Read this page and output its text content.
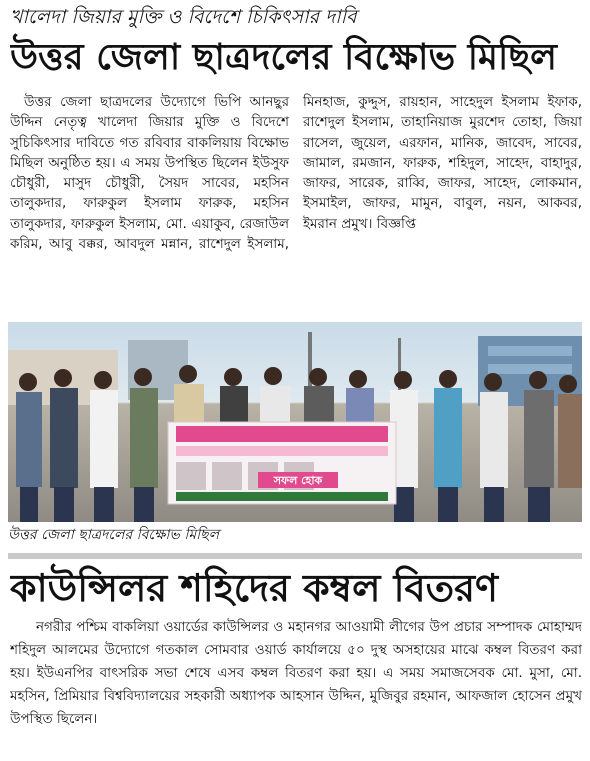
খালেদা জিয়ার মুক্তি ও বিদেশে চিকিৎসার দাবি
উত্তর জেলা ছাত্রদলের বিক্ষোভ মিছিল
উত্তর জেলা ছাত্রদলের উদ্যোগে ভিপি আনছুর উদ্দিন নেতৃত্ব খালেদা জিয়ার মুক্তি ও বিদেশে সুচিকিৎসার দাবিতে গত রবিবার বাকলিয়ায় বিক্ষোভ মিছিল অনুষ্ঠিত হয়। এ সময় উপস্থিত ছিলেন ইউসুফ চৌধুরী, মাসুদ চৌধুরী, সৈয়দ সাবের, মহসিন তালুকদার, ফারুকুল ইসলাম ফারুক, মহসিন তালুকদার, ফারুকুল ইসলাম, মো. এয়াকুব, রেজাউল করিম, আবু বক্কর, আবদুল মন্নান, রাশেদুল ইসলাম, মিনহাজ, কুদ্দুস, রায়হান, সাহেদুল ইসলাম ইফাক, রাশেদুল ইসলাম, তাহানিয়াজ মুরশেদ তোহা, জিয়া রাসেল, জুয়েল, এরফান, মানিক, জাবেদ, সাবের, জামাল, রমজান, ফারুক, শহিদুল, সাহেদ, বাহাদুর, জাফর, সারেক, রাব্বি, জাফর, সাহেদ, লোকমান, ইসমাইল, জাফর, মামুন, বাবুল, নয়ন, আকবর, ইমরান প্রমুখ। বিজ্ঞপ্তি
সফল হোক
উত্তর জেলা ছাত্রদলের বিক্ষোভ মিছিল
কাউন্সিলর শহিদের কম্বল বিতরণ
নগরীর পশ্চিম বাকলিয়া ওয়ার্ডের কাউন্সিলর ও মহানগর আওয়ামী লীগের উপ প্রচার সম্পাদক মোহাম্মদ শহিদুল আলমের উদ্যোগে গতকাল সোমবার ওয়ার্ড কার্যালয়ে ৫০ দুস্থ অসহায়ের মাঝে কম্বল বিতরণ করা হয়। ইউএনপির বাৎসরিক সভা শেষে এসব কম্বল বিতরণ করা হয়। এ সময় সমাজসেবক মো. মুসা, মো. মহসিন, প্রিমিয়ার বিশ্ববিদ্যালয়ের সহকারী অধ্যাপক আহসান উদ্দিন, মুজিবুর রহমান, আফজাল হোসেন প্রমুখ উপস্থিত ছিলেন।
